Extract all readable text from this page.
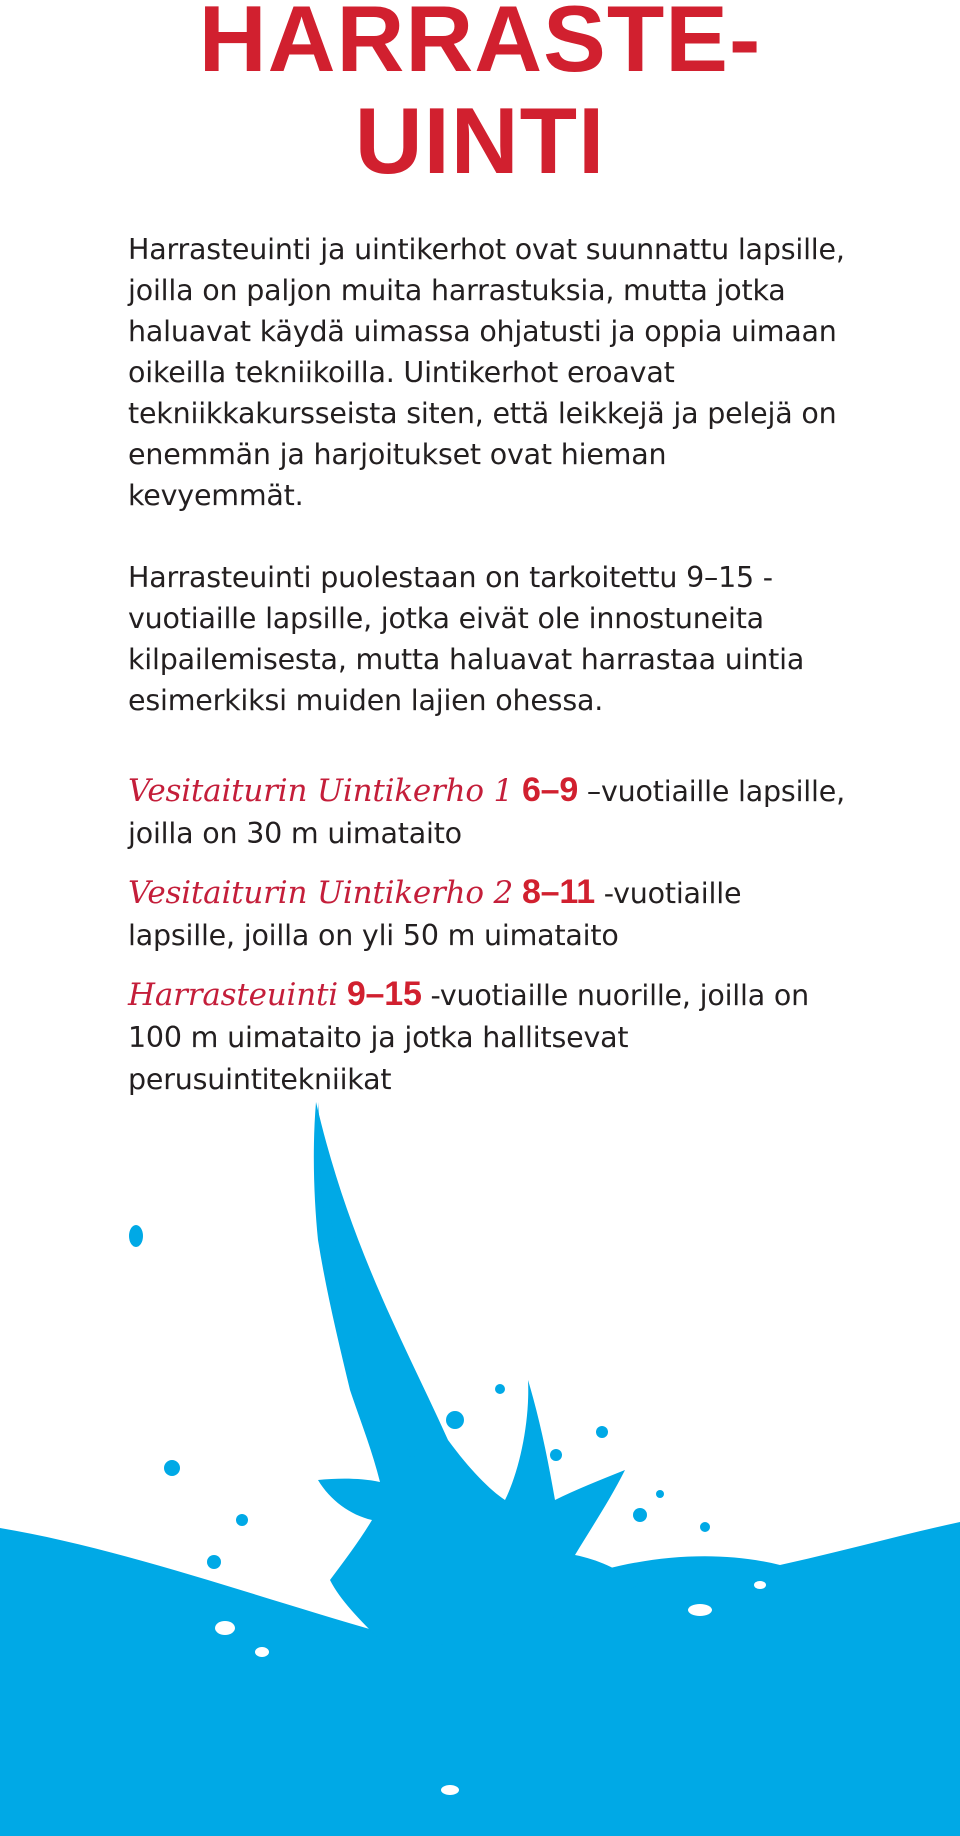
HARRASTE-
UINTI

Harrasteuinti ja uintikerhot ovat suunnattu lapsille, joilla on paljon muita harrastuksia, mutta jotka haluavat käydä uimassa ohjatusti ja oppia uimaan oikeilla tekniikoilla. Uintikerhot eroavat tekniikkakursseista siten, että leikkejä ja pelejä on enemmän ja harjoitukset ovat hieman kevyemmät.

Harrasteuinti puolestaan on tarkoitettu 9–15 -vuotiaille lapsille, jotka eivät ole innostuneita kilpailemisesta, mutta haluavat harrastaa uintia esimerkiksi muiden lajien ohessa.

Vesitaiturin Uintikerho 1 6–9 –vuotiaille lapsille, joilla on 30 m uimataito

Vesitaiturin Uintikerho 2 8–11 -vuotiaille lapsille, joilla on yli 50 m uimataito

Harrasteuinti 9–15 -vuotiaille nuorille, joilla on 100 m uimataito ja jotka hallitsevat perusuintitekniikat
